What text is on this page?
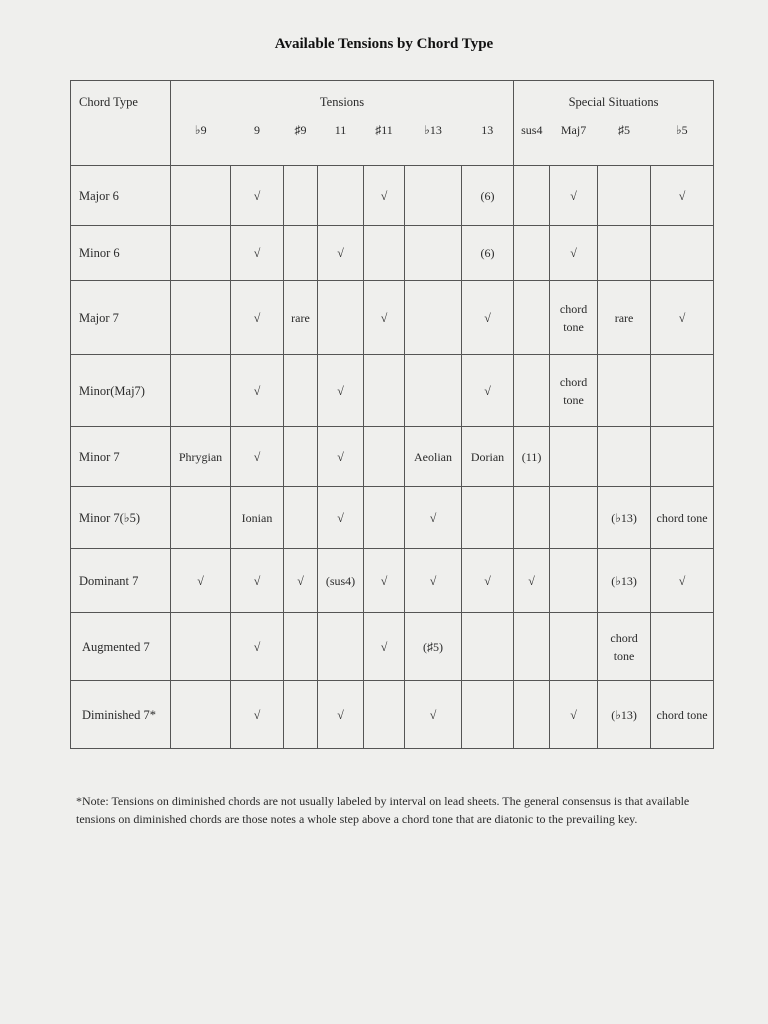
Available Tensions by Chord Type
Chord Type	Tensions							Special Situations			
	♭9	9	♯9	11	♯11	♭13	13	sus4	Maj7	♯5	♭5
Major 6		√			√		(6)		√		√
Minor 6		√		√			(6)		√		
Major 7		√	rare		√		√		chord tone	rare	√
Minor(Maj7)		√		√			√		chord tone		
Minor 7	Phrygian	√		√		Aeolian	Dorian	(11)			
Minor 7(♭5)		Ionian		√		√				(♭13)	chord tone
Dominant 7	√	√	√	(sus4)	√	√	√	√		(♭13)	√
Augmented 7		√			√	(♯5)				chord tone	
Diminished 7*		√		√		√			√	(♭13)	chord tone
*Note: Tensions on diminished chords are not usually labeled by interval on lead sheets. The general consensus is that available tensions on diminished chords are those notes a whole step above a chord tone that are diatonic to the prevailing key.
